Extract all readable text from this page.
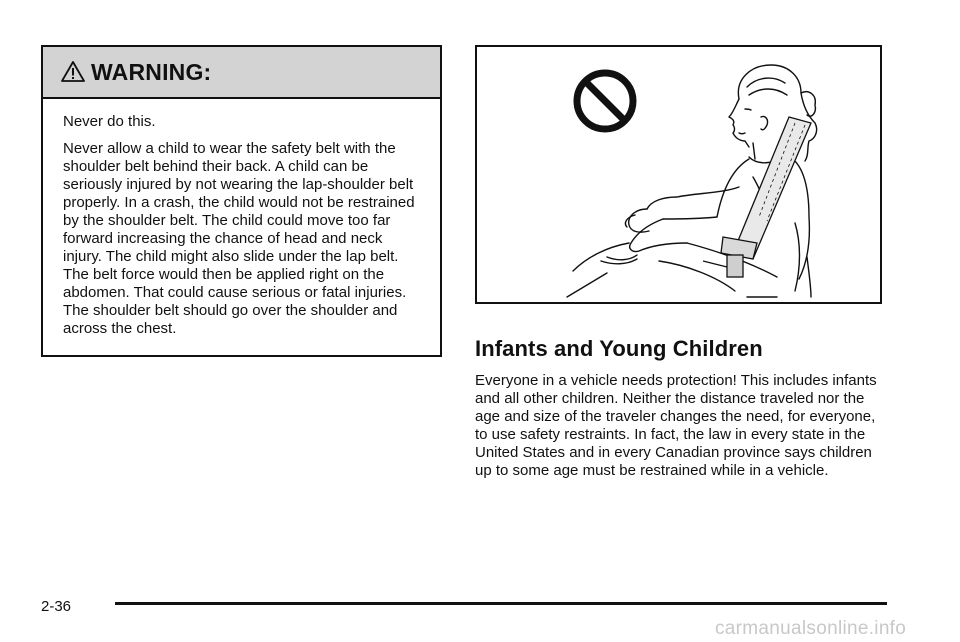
WARNING:

Never do this.

Never allow a child to wear the safety belt with the shoulder belt behind their back. A child can be seriously injured by not wearing the lap-shoulder belt properly. In a crash, the child would not be restrained by the shoulder belt. The child could move too far forward increasing the chance of head and neck injury. The child might also slide under the lap belt. The belt force would then be applied right on the abdomen. That could cause serious or fatal injuries. The shoulder belt should go over the shoulder and across the chest.

Infants and Young Children

Everyone in a vehicle needs protection! This includes infants and all other children. Neither the distance traveled nor the age and size of the traveler changes the need, for everyone, to use safety restraints. In fact, the law in every state in the United States and in every Canadian province says children up to some age must be restrained while in a vehicle.

2-36
carmanualsonline.info
